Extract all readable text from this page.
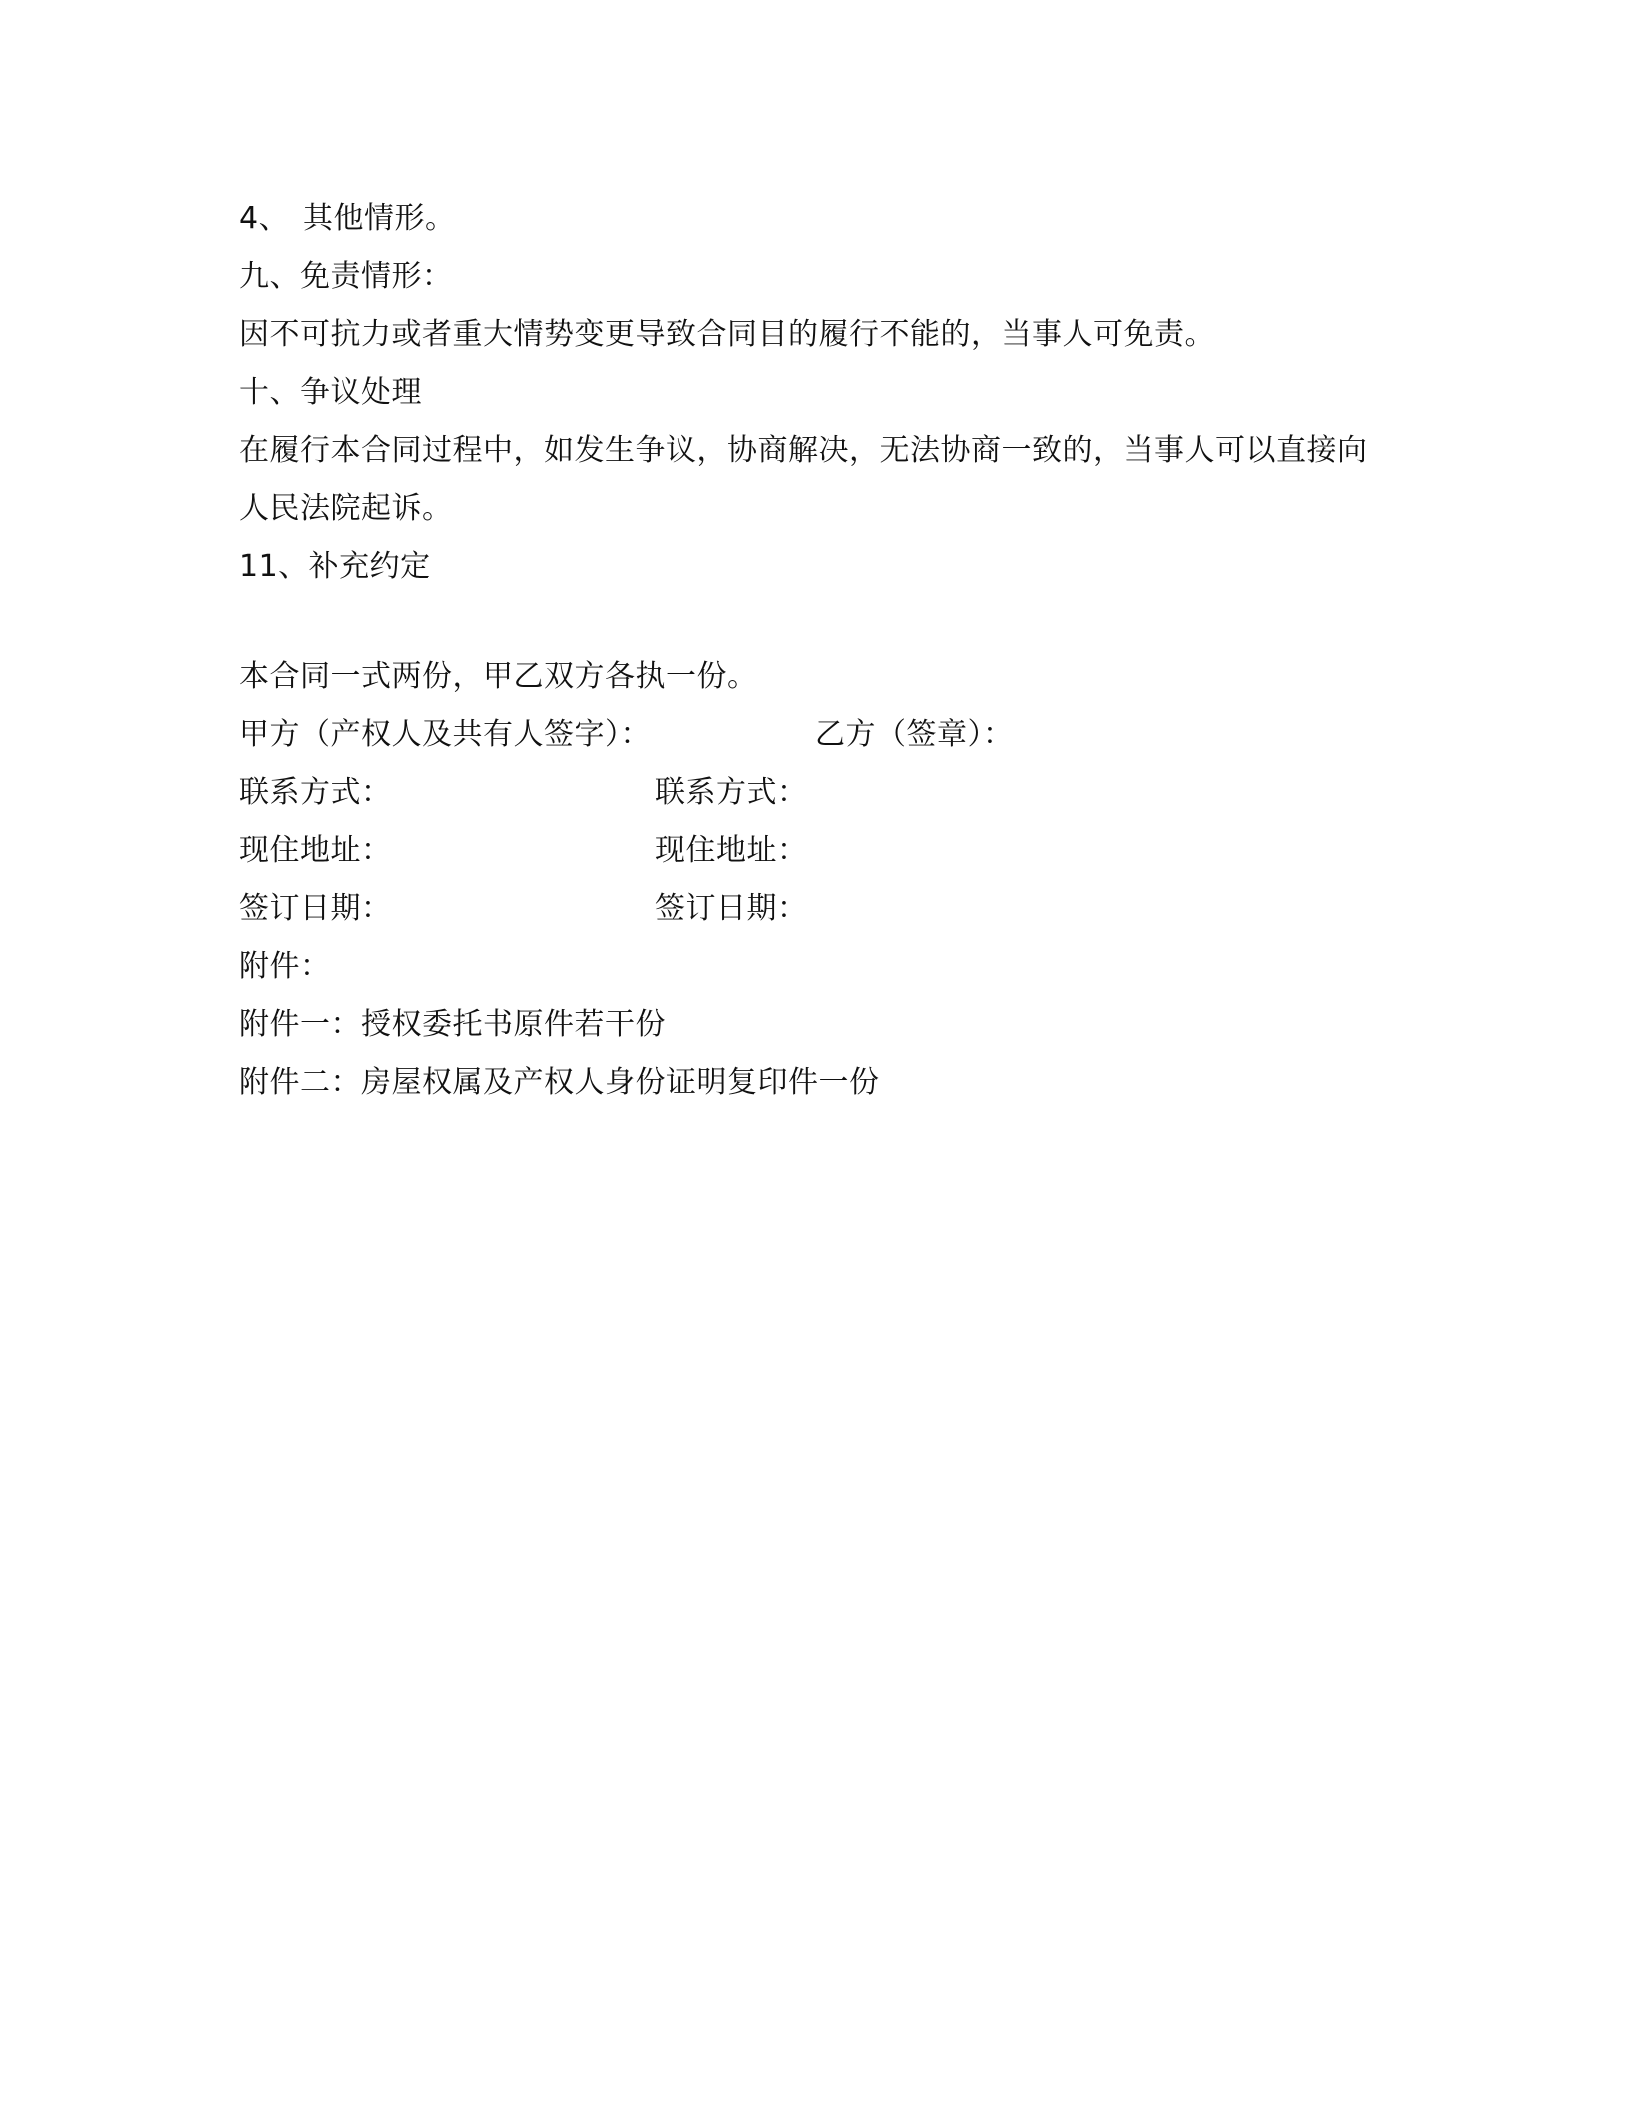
4、 其他情形。
九、免责情形：
因不可抗力或者重大情势变更导致合同目的履行不能的，当事人可免责。
十、争议处理
在履行本合同过程中，如发生争议，协商解决，无法协商一致的，当事人可以直接向人民法院起诉。
11、补充约定
本合同一式两份，甲乙双方各执一份。
甲方（产权人及共有人签字）：	乙方（签章）：
联系方式：	联系方式：
现住地址：	现住地址：
签订日期：	签订日期：
附件：
附件一：授权委托书原件若干份
附件二：房屋权属及产权人身份证明复印件一份
